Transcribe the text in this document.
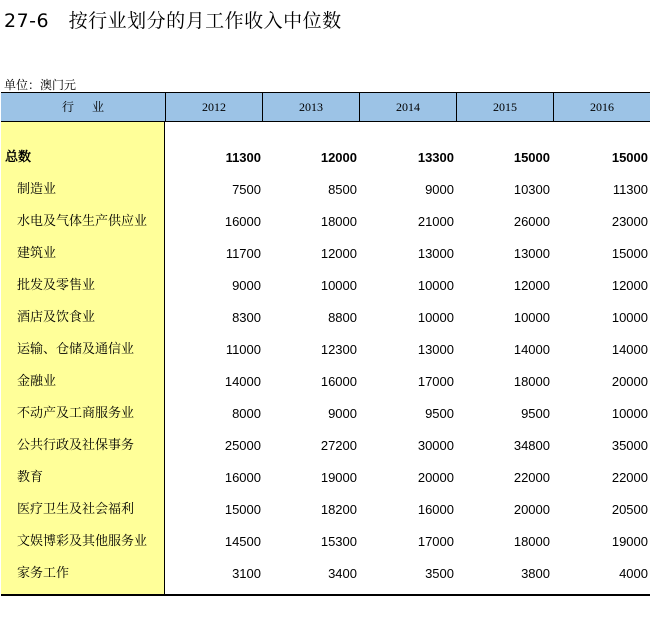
27-6　按行业划分的月工作收入中位数
单位：澳门元
行业	2012	2013	2014	2015	2016
总数	11300	12000	13300	15000	15000
制造业	7500	8500	9000	10300	11300
水电及气体生产供应业	16000	18000	21000	26000	23000
建筑业	11700	12000	13000	13000	15000
批发及零售业	9000	10000	10000	12000	12000
酒店及饮食业	8300	8800	10000	10000	10000
运输、仓储及通信业	11000	12300	13000	14000	14000
金融业	14000	16000	17000	18000	20000
不动产及工商服务业	8000	9000	9500	9500	10000
公共行政及社保事务	25000	27200	30000	34800	35000
教育	16000	19000	20000	22000	22000
医疗卫生及社会福利	15000	18200	16000	20000	20500
文娱博彩及其他服务业	14500	15300	17000	18000	19000
家务工作	3100	3400	3500	3800	4000
